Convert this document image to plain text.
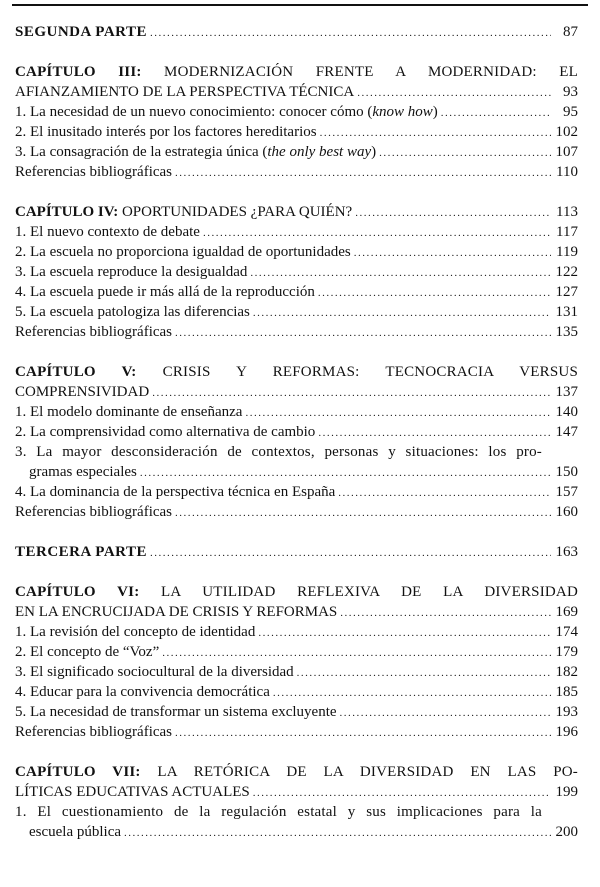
SEGUNDA PARTE .....	87
CAPÍTULO III: MODERNIZACIÓN FRENTE A MODERNIDAD: EL
AFIANZAMIENTO DE LA PERSPECTIVA TÉCNICA .....	93
1. La necesidad de un nuevo conocimiento: conocer cómo (know how) .....	95
2. El inusitado interés por los factores hereditarios .....	102
3. La consagración de la estrategia única (the only best way) .....	107
Referencias bibliográficas .....	110
CAPÍTULO IV: OPORTUNIDADES ¿PARA QUIÉN? .....	113
1. El nuevo contexto de debate .....	117
2. La escuela no proporciona igualdad de oportunidades .....	119
3. La escuela reproduce la desigualdad .....	122
4. La escuela puede ir más allá de la reproducción .....	127
5. La escuela patologiza las diferencias .....	131
Referencias bibliográficas .....	135
CAPÍTULO V: CRISIS Y REFORMAS: TECNOCRACIA VERSUS
COMPRENSIVIDAD .....	137
1. El modelo dominante de enseñanza .....	140
2. La comprensividad como alternativa de cambio .....	147
3. La mayor desconsideración de contextos, personas y situaciones: los pro-
gramas especiales .....	150
4. La dominancia de la perspectiva técnica en España .....	157
Referencias bibliográficas .....	160
TERCERA PARTE .....	163
CAPÍTULO VI: LA UTILIDAD REFLEXIVA DE LA DIVERSIDAD
EN LA ENCRUCIJADA DE CRISIS Y REFORMAS .....	169
1. La revisión del concepto de identidad .....	174
2. El concepto de “Voz” .....	179
3. El significado sociocultural de la diversidad .....	182
4. Educar para la convivencia democrática .....	185
5. La necesidad de transformar un sistema excluyente .....	193
Referencias bibliográficas .....	196
CAPÍTULO VII: LA RETÓRICA DE LA DIVERSIDAD EN LAS PO-
LÍTICAS EDUCATIVAS ACTUALES .....	199
1. El cuestionamiento de la regulación estatal y sus implicaciones para la
escuela pública .....	200
